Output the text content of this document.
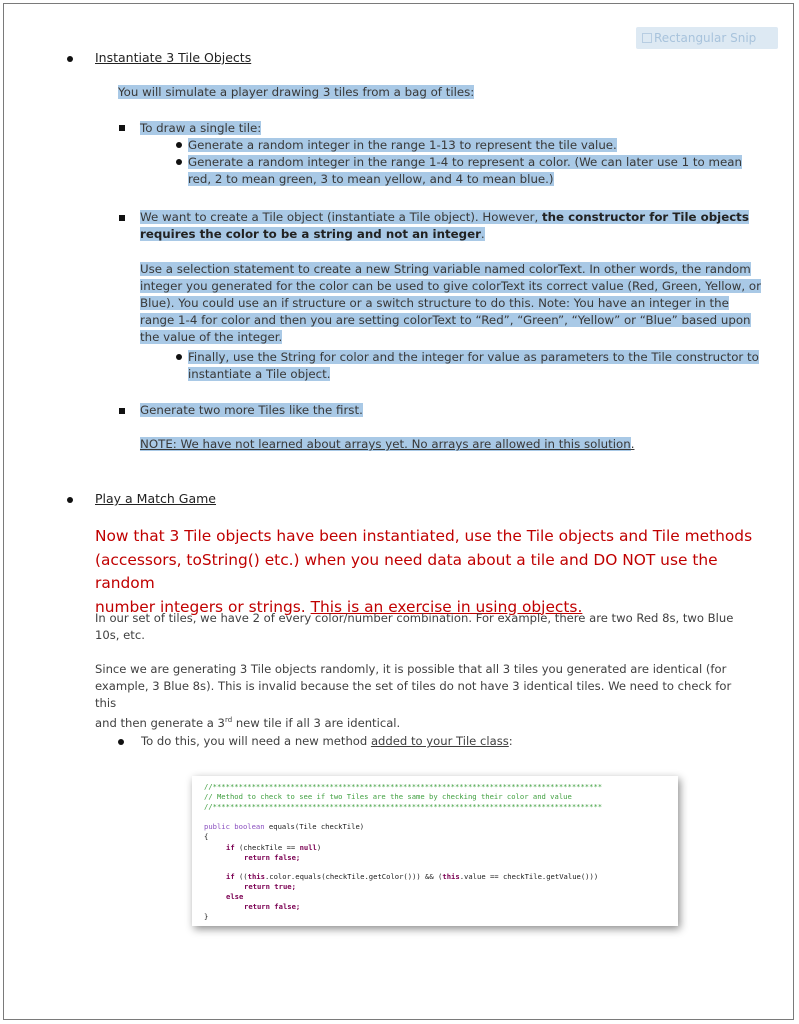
Rectangular Snip
Instantiate 3 Tile Objects
You will simulate a player drawing 3 tiles from a bag of tiles:
To draw a single tile:
Generate a random integer in the range 1-13 to represent the tile value.
Generate a random integer in the range 1-4 to represent a color. (We can later use 1 to mean
red, 2 to mean green, 3 to mean yellow, and 4 to mean blue.)
We want to create a Tile object (instantiate a Tile object). However, the constructor for Tile objects
requires the color to be a string and not an integer.
Use a selection statement to create a new String variable named colorText. In other words, the random
integer you generated for the color can be used to give colorText its correct value (Red, Green, Yellow, or
Blue). You could use an if structure or a switch structure to do this. Note: You have an integer in the
range 1-4 for color and then you are setting colorText to “Red”, “Green”, “Yellow” or “Blue” based upon
the value of the integer.
Finally, use the String for color and the integer for value as parameters to the Tile constructor to
instantiate a Tile object.
Generate two more Tiles like the first.
NOTE: We have not learned about arrays yet. No arrays are allowed in this solution.
Play a Match Game
Now that 3 Tile objects have been instantiated, use the Tile objects and Tile methods
(accessors, toString() etc.) when you need data about a tile and DO NOT use the random
number integers or strings. This is an exercise in using objects.
In our set of tiles, we have 2 of every color/number combination. For example, there are two Red 8s, two Blue
10s, etc.
Since we are generating 3 Tile objects randomly, it is possible that all 3 tiles you generated are identical (for
example, 3 Blue 8s). This is invalid because the set of tiles do not have 3 identical tiles. We need to check for this
and then generate a 3rd new tile if all 3 are identical.
To do this, you will need a new method added to your Tile class:
//******************************************************************************************
// Method to check to see if two Tiles are the same by checking their color and value
//******************************************************************************************
public boolean equals(Tile checkTile)
{
if (checkTile == null)
return false;
if ((this.color.equals(checkTile.getColor())) && (this.value == checkTile.getValue()))
return true;
else
return false;
}
